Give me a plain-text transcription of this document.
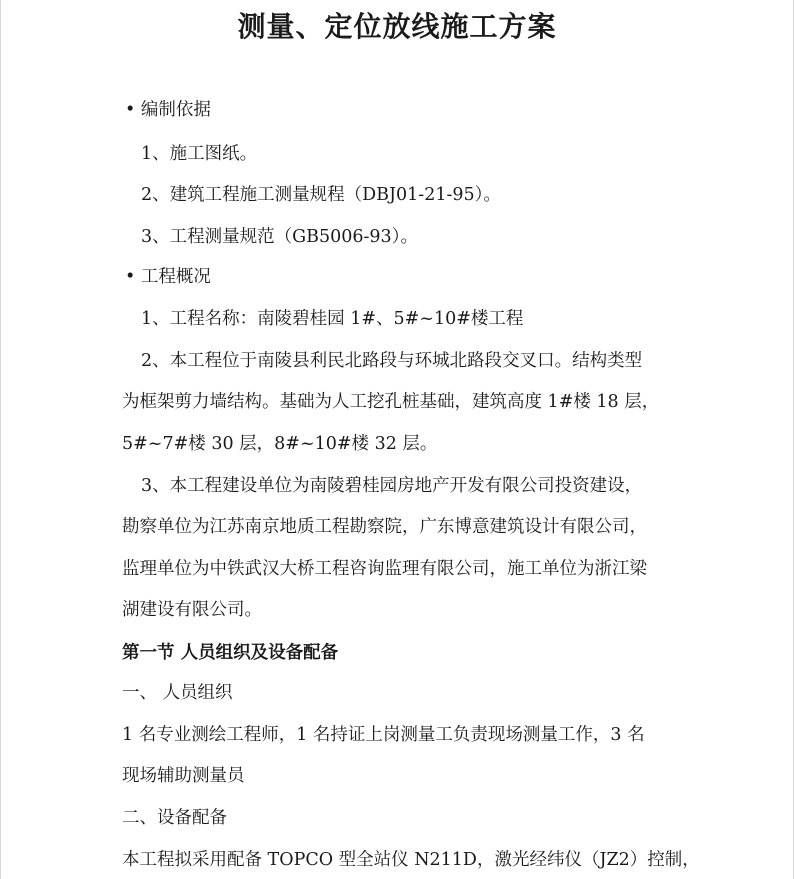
测量、定位放线施工方案
• 编制依据
1、施工图纸。
2、建筑工程施工测量规程（DBJ01-21-95）。
3、工程测量规范（GB5006-93）。
• 工程概况
1、工程名称：南陵碧桂园 1#、5#~10#楼工程
2、本工程位于南陵县利民北路段与环城北路段交叉口。结构类型
为框架剪力墙结构。基础为人工挖孔桩基础，建筑高度 1#楼 18 层，
5#~7#楼 30 层，8#~10#楼 32 层。
3、本工程建设单位为南陵碧桂园房地产开发有限公司投资建设，
勘察单位为江苏南京地质工程勘察院，广东博意建筑设计有限公司，
监理单位为中铁武汉大桥工程咨询监理有限公司，施工单位为浙江梁
湖建设有限公司。
第一节 人员组织及设备配备
一、 人员组织
1 名专业测绘工程师，1 名持证上岗测量工负责现场测量工作，3 名
现场辅助测量员
二、设备配备
本工程拟采用配备 TOPCO 型全站仪 N211D，激光经纬仪（JZ2）控制，
